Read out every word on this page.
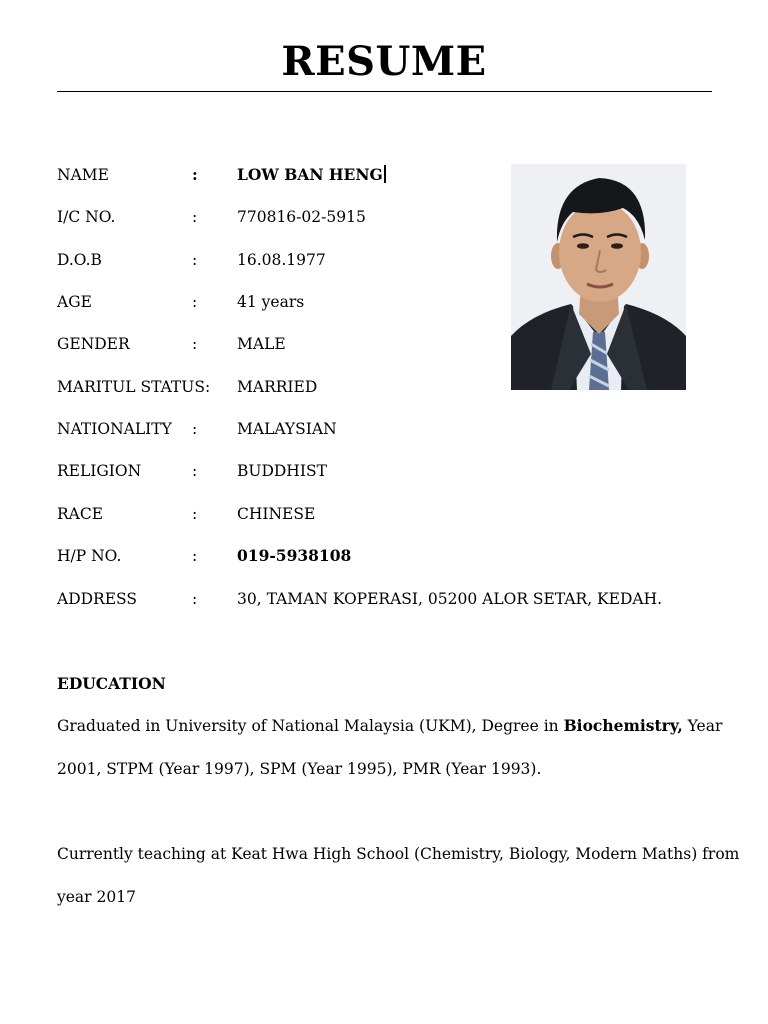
RESUME
NAME	:	LOW BAN HENG
I/C NO.	:	770816-02-5915
D.O.B	:	16.08.1977
AGE	:	41 years
GENDER	:	MALE
MARITUL STATUS: MARRIED
NATIONALITY :	MALAYSIAN
RELIGION	:	BUDDHIST
RACE	:	CHINESE
H/P NO.	:	019-5938108
ADDRESS	:	30, TAMAN KOPERASI, 05200 ALOR SETAR, KEDAH.
EDUCATION
Graduated in University of National Malaysia (UKM), Degree in Biochemistry, Year
2001, STPM (Year 1997), SPM (Year 1995), PMR (Year 1993).
Currently teaching at Keat Hwa High School (Chemistry, Biology, Modern Maths) from
year 2017
